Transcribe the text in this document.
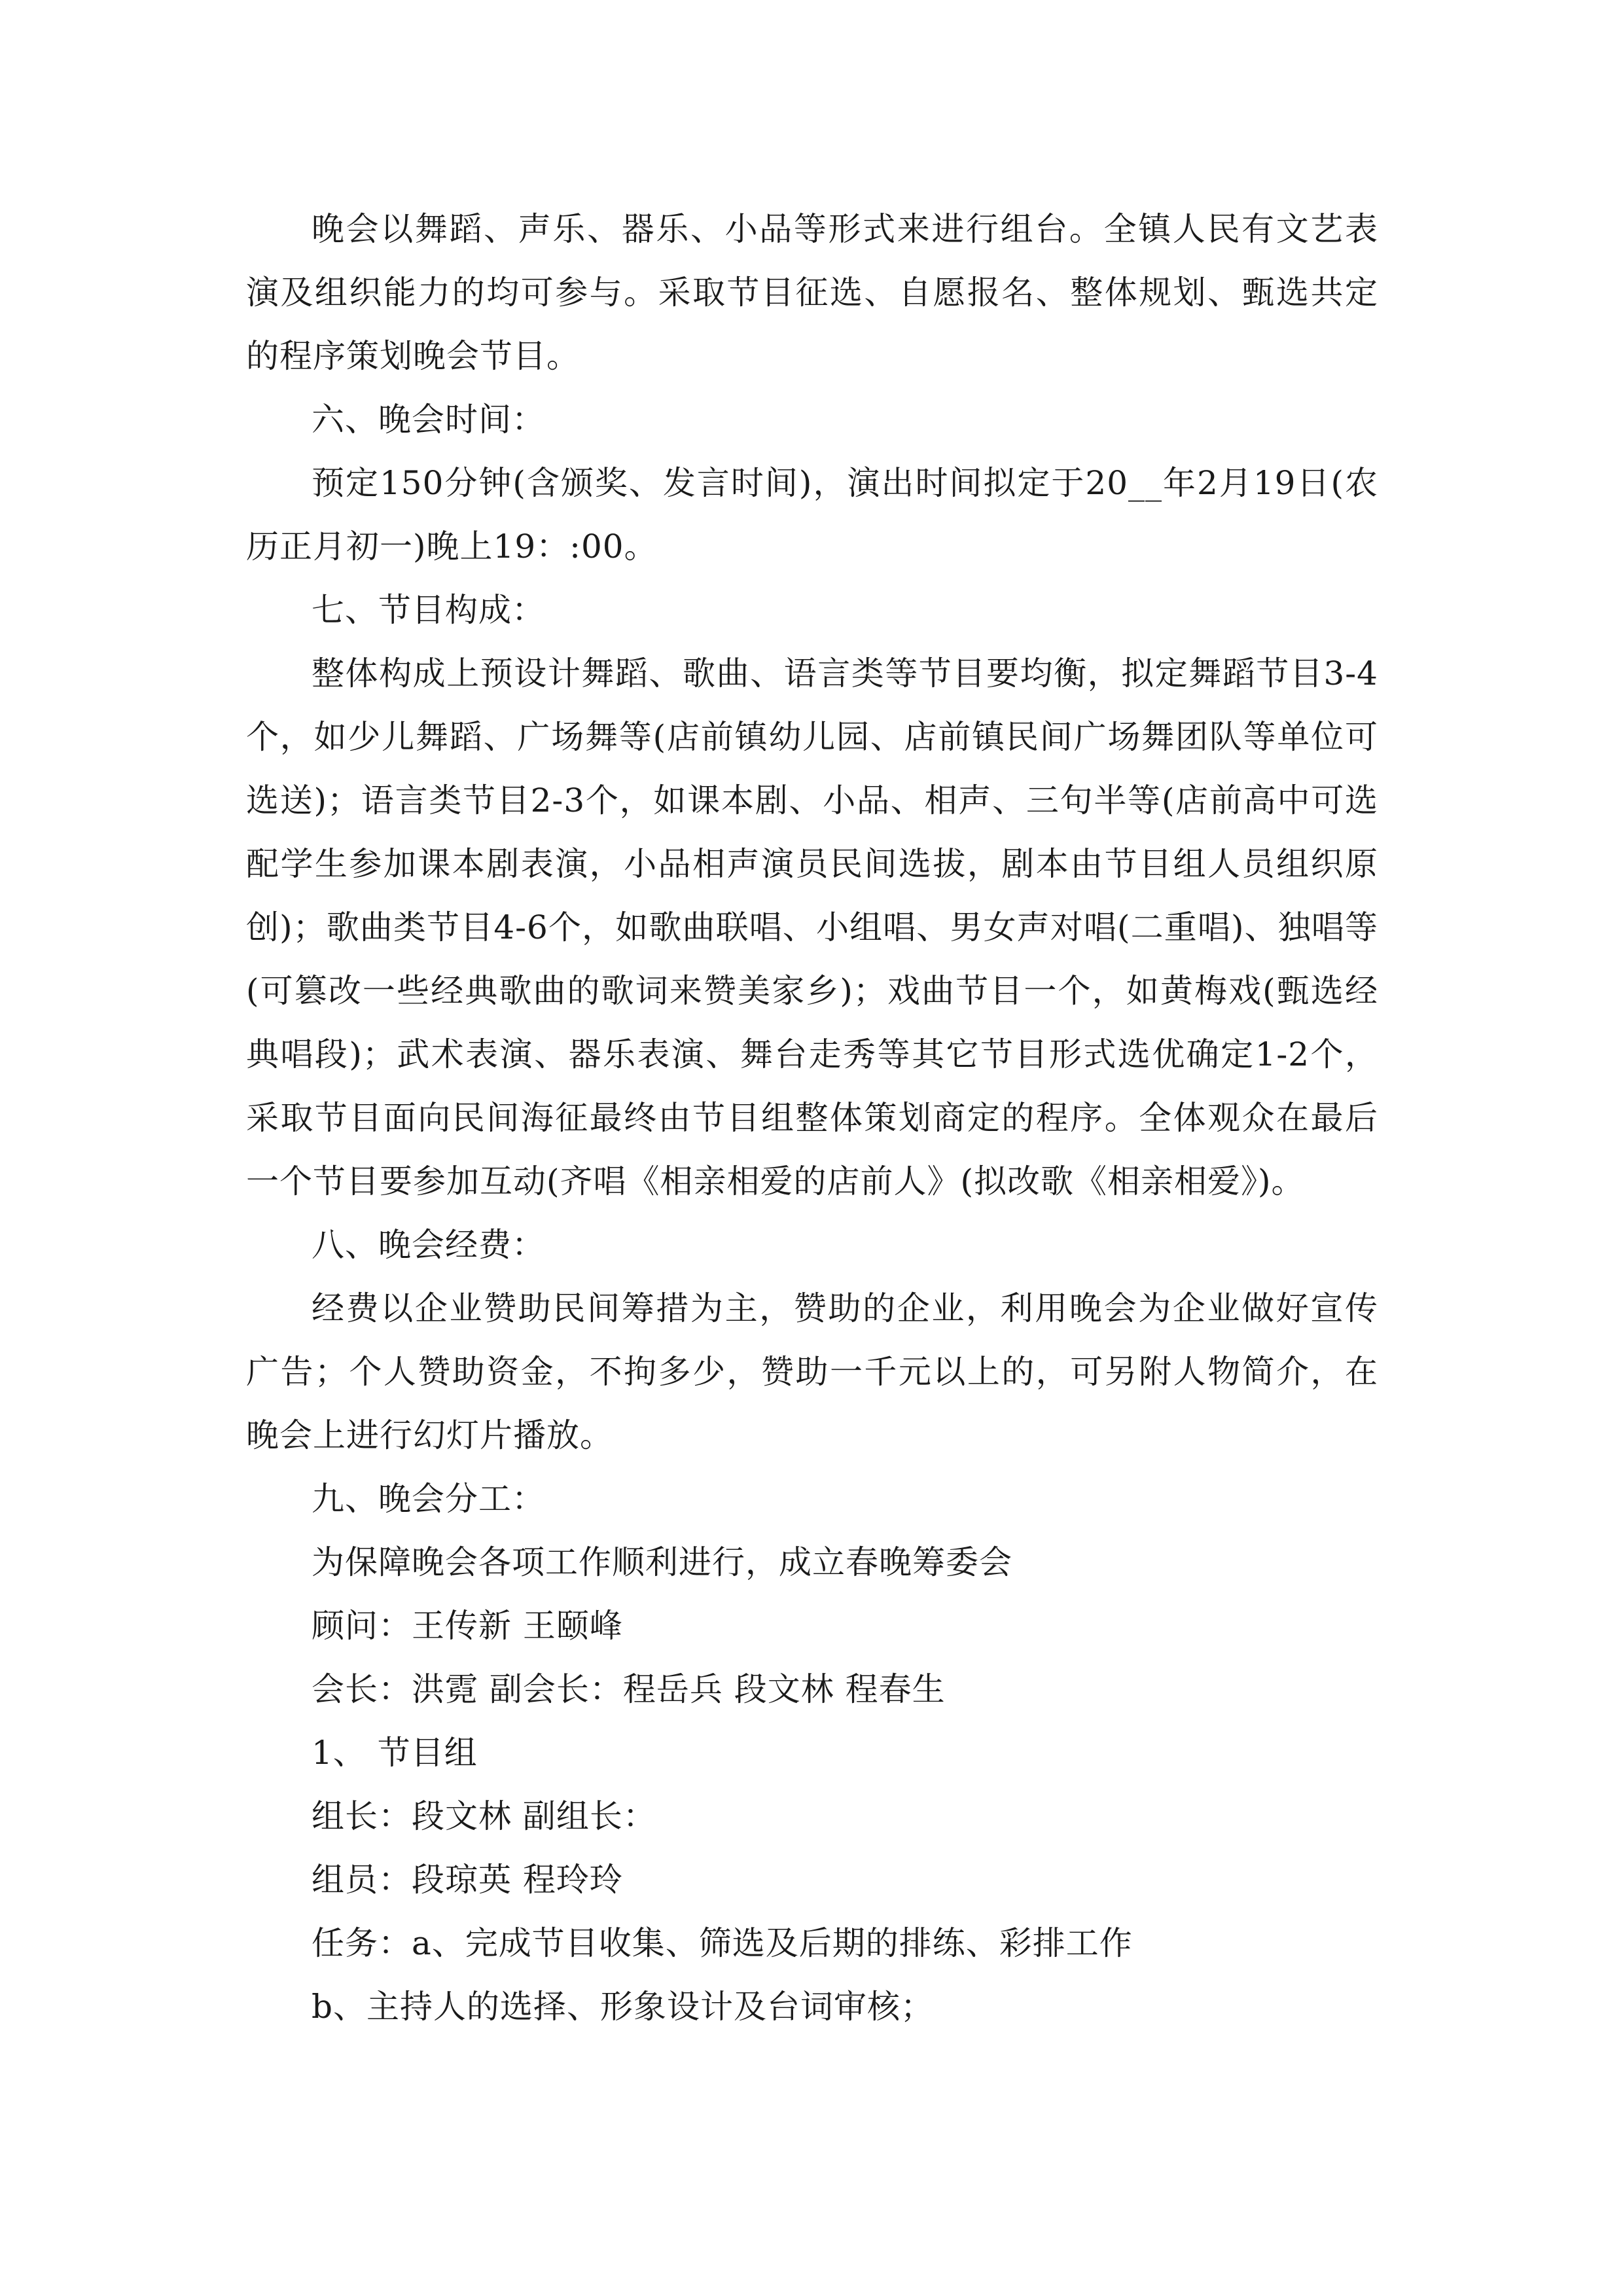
晚会以舞蹈、声乐、器乐、小品等形式来进行组台。全镇人民有文艺表演及组织能力的均可参与。采取节目征选、自愿报名、整体规划、甄选共定的程序策划晚会节目。

六、晚会时间：

预定150分钟(含颁奖、发言时间)，演出时间拟定于20__年2月19日(农历正月初一)晚上19：:00。

七、节目构成：

整体构成上预设计舞蹈、歌曲、语言类等节目要均衡，拟定舞蹈节目3-4个，如少儿舞蹈、广场舞等(店前镇幼儿园、店前镇民间广场舞团队等单位可选送)；语言类节目2-3个，如课本剧、小品、相声、三句半等(店前高中可选配学生参加课本剧表演，小品相声演员民间选拔，剧本由节目组人员组织原创)；歌曲类节目4-6个，如歌曲联唱、小组唱、男女声对唱(二重唱)、独唱等(可篡改一些经典歌曲的歌词来赞美家乡)；戏曲节目一个，如黄梅戏(甄选经典唱段)；武术表演、器乐表演、舞台走秀等其它节目形式选优确定1-2个，采取节目面向民间海征最终由节目组整体策划商定的程序。全体观众在最后一个节目要参加互动(齐唱《相亲相爱的店前人》(拟改歌《相亲相爱》)。

八、晚会经费：

经费以企业赞助民间筹措为主，赞助的企业，利用晚会为企业做好宣传广告；个人赞助资金，不拘多少，赞助一千元以上的，可另附人物简介，在晚会上进行幻灯片播放。

九、晚会分工：

为保障晚会各项工作顺利进行，成立春晚筹委会
顾问：王传新 王颐峰
会长：洪霓 副会长：程岳兵 段文林 程春生
1、 节目组
组长：段文林 副组长：
组员：段琼英 程玲玲
任务：a、完成节目收集、筛选及后期的排练、彩排工作
b、主持人的选择、形象设计及台词审核；
